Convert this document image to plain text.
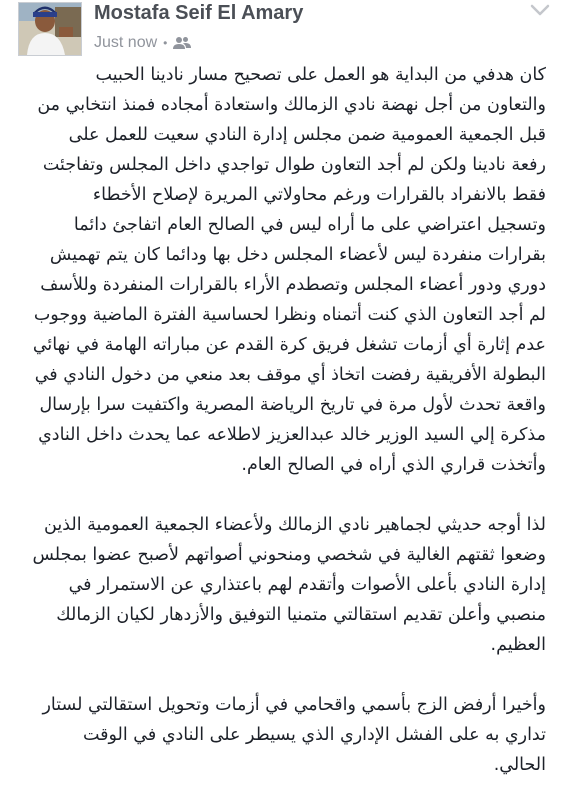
Mostafa Seif El Amary
Just now •

كان هدفي من البداية هو العمل على تصحيح مسار نادينا الحبيب والتعاون من أجل نهضة نادي الزمالك واستعادة أمجاده فمنذ انتخابي من قبل الجمعية العمومية ضمن مجلس إدارة النادي سعيت للعمل على رفعة نادينا ولكن لم أجد التعاون طوال تواجدي داخل المجلس وتفاجئت فقط بالانفراد بالقرارات ورغم محاولاتي المريرة لإصلاح الأخطاء وتسجيل اعتراضي على ما أراه ليس في الصالح العام اتفاجئ دائما بقرارات منفردة ليس لأعضاء المجلس دخل بها ودائما كان يتم تهميش دوري ودور أعضاء المجلس وتصطدم الأراء بالقرارات المنفردة وللأسف لم أجد التعاون الذي كنت أتمناه ونظرا لحساسية الفترة الماضية ووجوب عدم إثارة أي أزمات تشغل فريق كرة القدم عن مباراته الهامة في نهائي البطولة الأفريقية رفضت اتخاذ أي موقف بعد منعي من دخول النادي في واقعة تحدث لأول مرة في تاريخ الرياضة المصرية واكتفيت سرا بإرسال مذكرة إلي السيد الوزير خالد عبدالعزيز لاطلاعه عما يحدث داخل النادي وأتخذت قراري الذي أراه في الصالح العام.

لذا أوجه حديثي لجماهير نادي الزمالك ولأعضاء الجمعية العمومية الذين وضعوا ثقتهم الغالية في شخصي ومنحوني أصواتهم لأصبح عضوا بمجلس إدارة النادي بأعلى الأصوات وأتقدم لهم باعتذاري عن الاستمرار في منصبي وأعلن تقديم استقالتي متمنيا التوفيق والأزدهار لكيان الزمالك العظيم.

وأخيرا أرفض الزج بأسمي واقحامي في أزمات وتحويل استقالتي لستار تداري به على الفشل الإداري الذي يسيطر على النادي في الوقت الحالي.
